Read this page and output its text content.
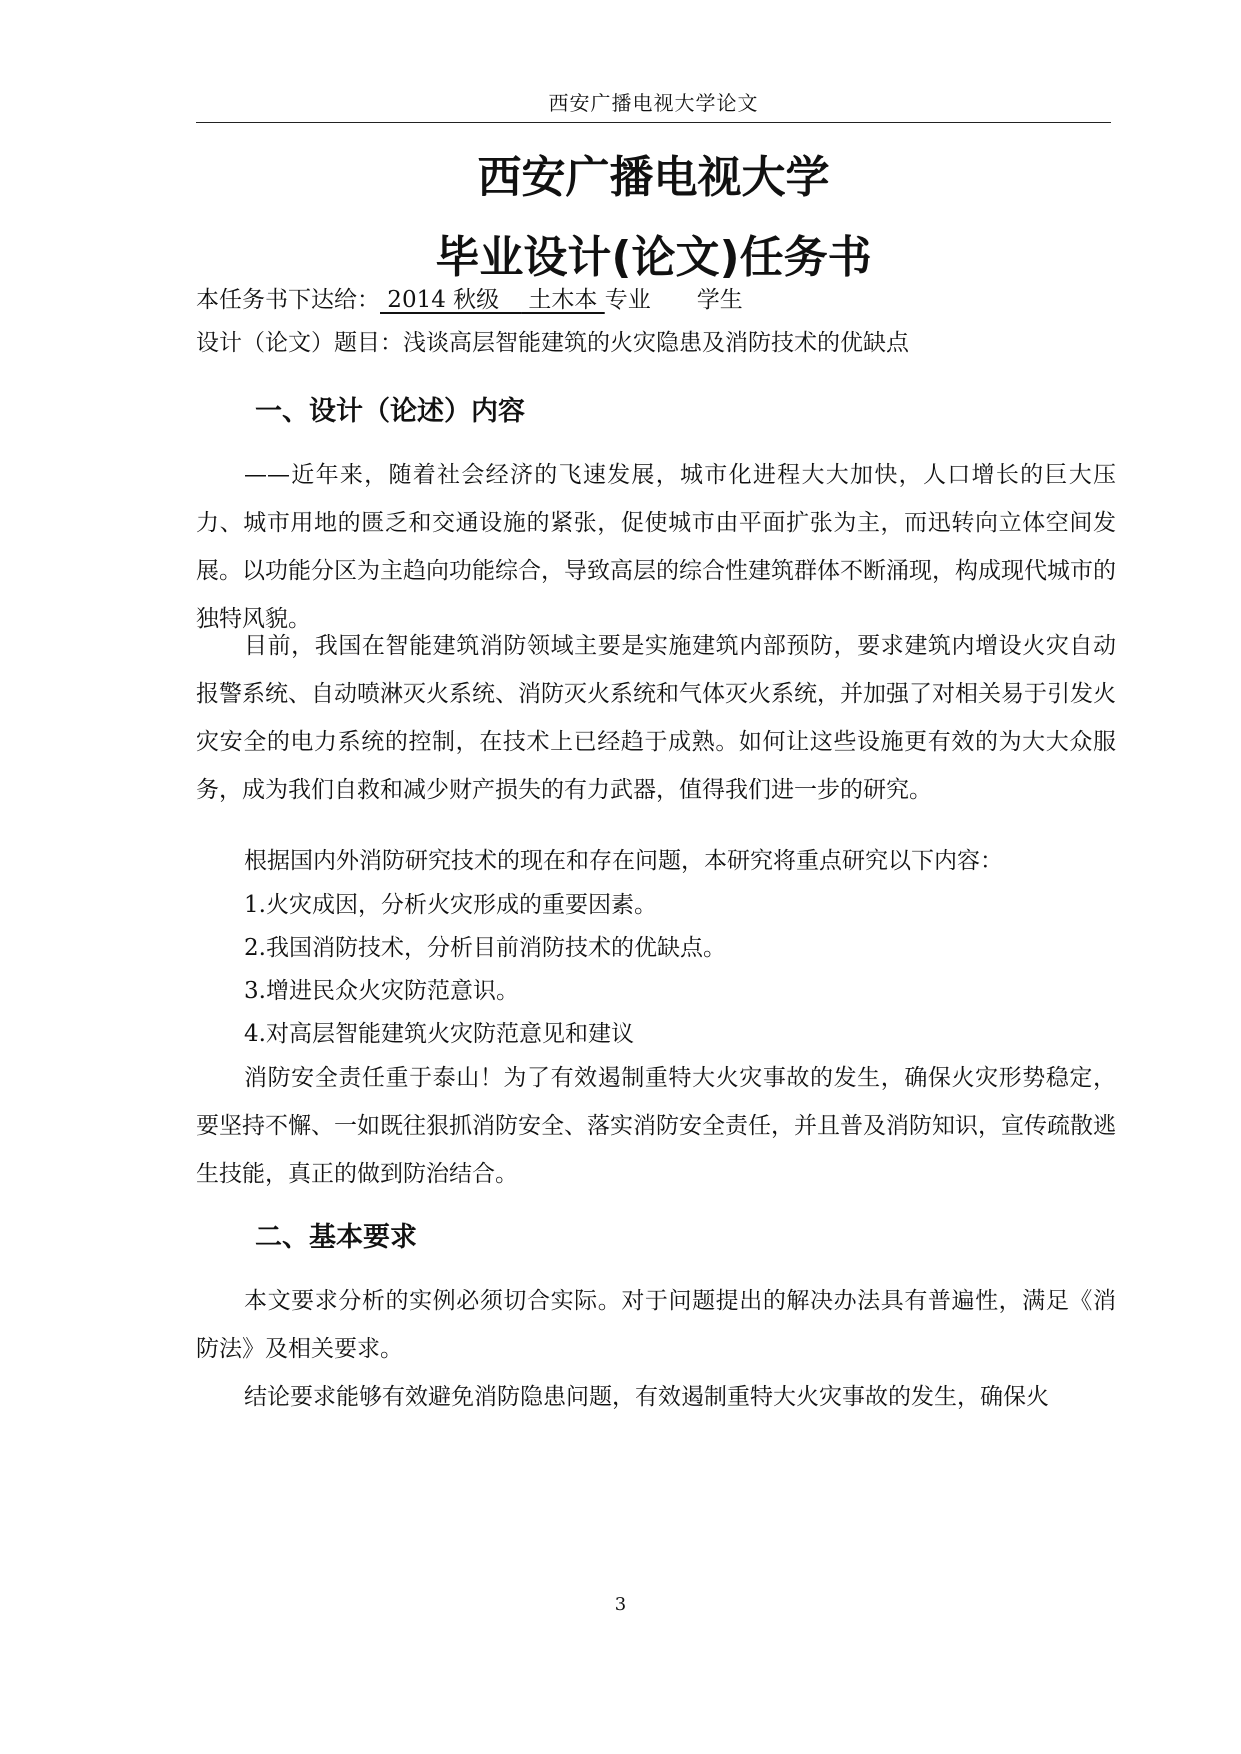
西安广播电视大学论文
西安广播电视大学
毕业设计(论文)任务书
本任务书下达给： 2014 秋级    土木本 专业 学生
设计（论文）题目：浅谈高层智能建筑的火灾隐患及消防技术的优缺点
一、设计（论述）内容

——近年来，随着社会经济的飞速发展，城市化进程大大加快，人口增长的巨大压力、城市用地的匮乏和交通设施的紧张，促使城市由平面扩张为主，而迅转向立体空间发展。以功能分区为主趋向功能综合，导致高层的综合性建筑群体不断涌现，构成现代城市的独特风貌。

目前，我国在智能建筑消防领域主要是实施建筑内部预防，要求建筑内增设火灾自动报警系统、自动喷淋灭火系统、消防灭火系统和气体灭火系统，并加强了对相关易于引发火灾安全的电力系统的控制，在技术上已经趋于成熟。如何让这些设施更有效的为大大众服务，成为我们自救和减少财产损失的有力武器，值得我们进一步的研究。

根据国内外消防研究技术的现在和存在问题，本研究将重点研究以下内容：

1.火灾成因，分析火灾形成的重要因素。
2.我国消防技术，分析目前消防技术的优缺点。
3.增进民众火灾防范意识。
4.对高层智能建筑火灾防范意见和建议

消防安全责任重于泰山！为了有效遏制重特大火灾事故的发生，确保火灾形势稳定，要坚持不懈、一如既往狠抓消防安全、落实消防安全责任，并且普及消防知识，宣传疏散逃生技能，真正的做到防治结合。

二、基本要求

本文要求分析的实例必须切合实际。对于问题提出的解决办法具有普遍性，满足《消防法》及相关要求。

结论要求能够有效避免消防隐患问题，有效遏制重特大火灾事故的发生，确保火

3
